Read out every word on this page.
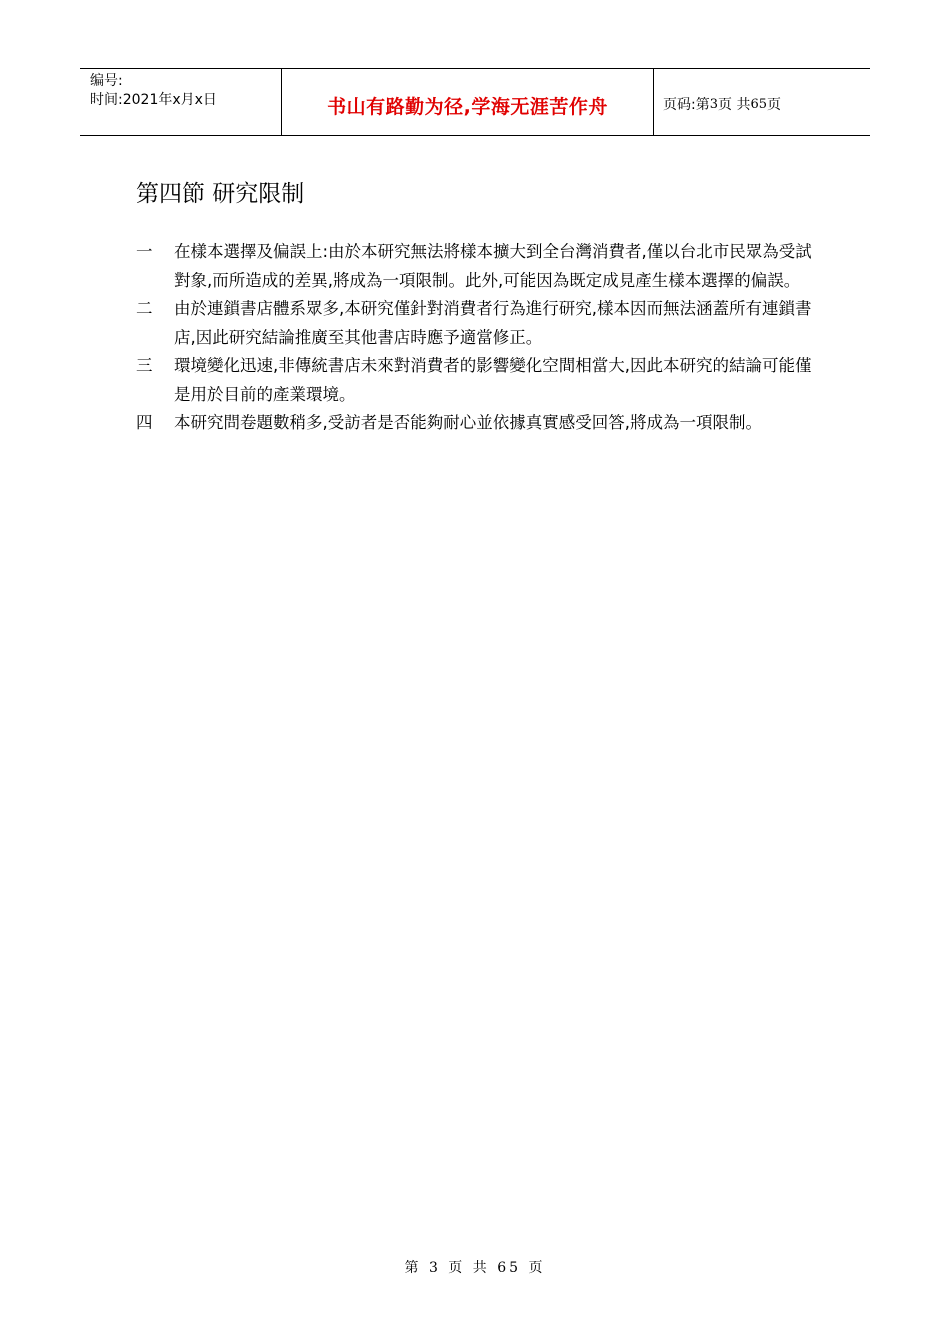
编号:
时间:2021年x月x日	书山有路勤为径,学海无涯苦作舟	页码:第 3 页 共 65 页
第四節 研究限制
一	在樣本選擇及偏誤上:由於本研究無法將樣本擴大到全台灣消費者,僅以台北市民眾為受試對象,而所造成的差異,將成為一項限制。此外,可能因為既定成見產生樣本選擇的偏誤。
二	由於連鎖書店體系眾多,本研究僅針對消費者行為進行研究,樣本因而無法涵蓋所有連鎖書店,因此研究結論推廣至其他書店時應予適當修正。
三	環境變化迅速,非傳統書店未來對消費者的影響變化空間相當大,因此本研究的結論可能僅是用於目前的產業環境。
四	本研究問卷題數稍多,受訪者是否能夠耐心並依據真實感受回答,將成為一項限制。
第 3 页 共 65 页
